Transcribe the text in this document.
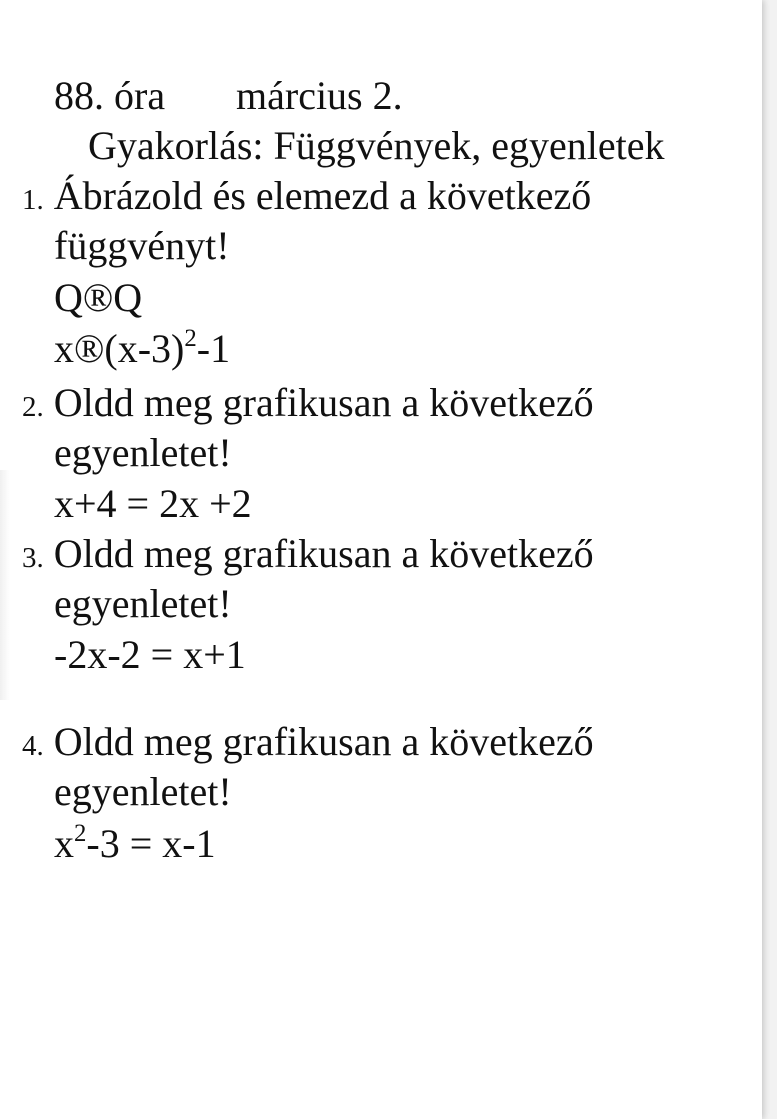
88. óra március 2.
Gyakorlás: Függvények, egyenletek
1. Ábrázold és elemezd a következő
függvényt!
Q®Q
$x®(x-3)^2-1$
2. Oldd meg grafikusan a következő
egyenletet!
x+4 = 2x +2
3. Oldd meg grafikusan a következő
egyenletet!
-2x-2 = x+1
4. Oldd meg grafikusan a következő
egyenletet!
$x^2-3 = x-1$
